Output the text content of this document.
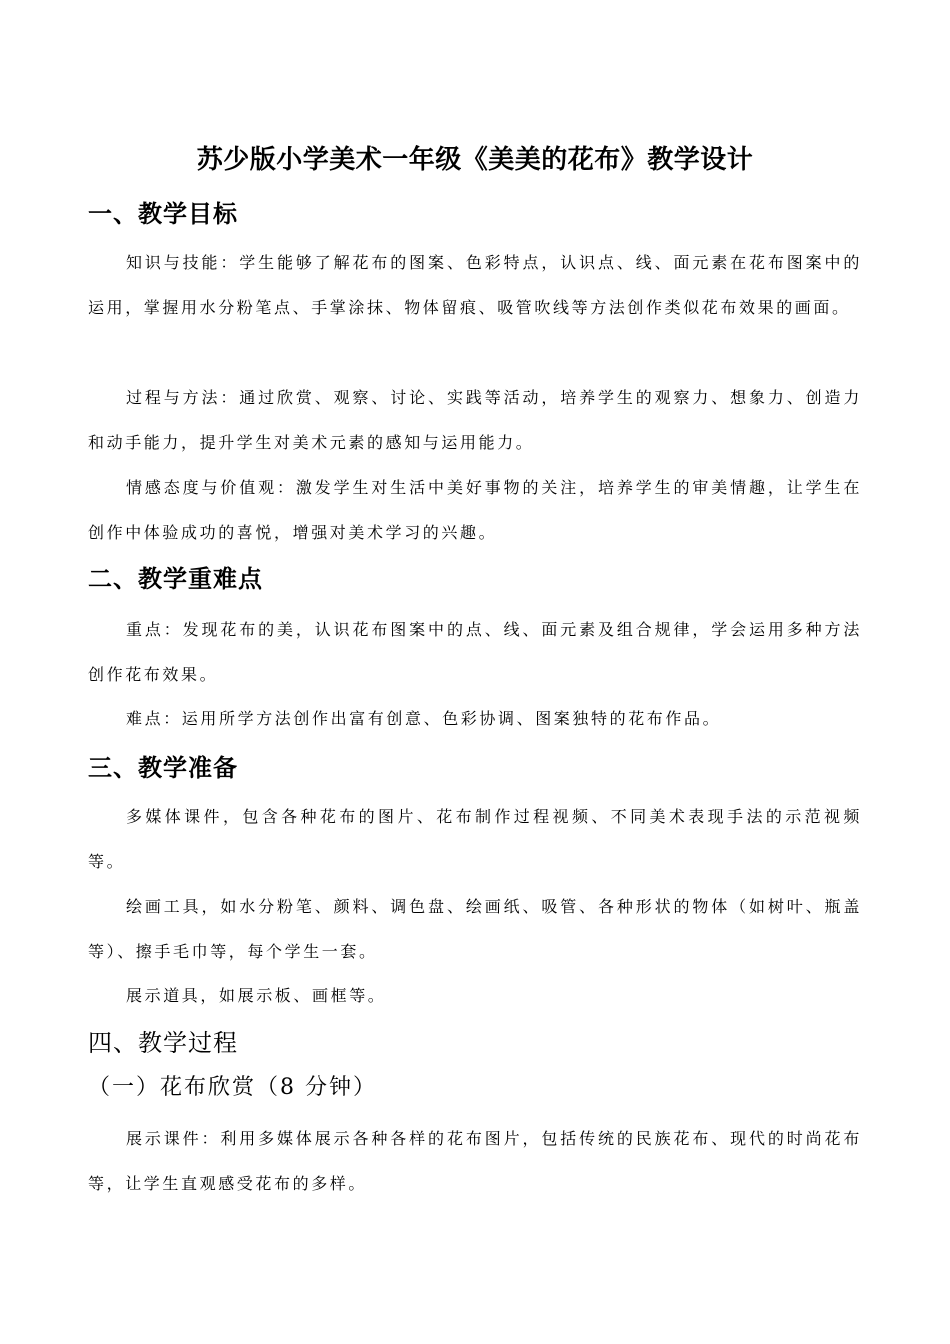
苏少版小学美术一年级《美美的花布》教学设计
一、教学目标
知识与技能：学生能够了解花布的图案、色彩特点，认识点、线、面元素在花布图案中的运用，掌握用水分粉笔点、手掌涂抹、物体留痕、吸管吹线等方法创作类似花布效果的画面。
过程与方法：通过欣赏、观察、讨论、实践等活动，培养学生的观察力、想象力、创造力和动手能力，提升学生对美术元素的感知与运用能力。
情感态度与价值观：激发学生对生活中美好事物的关注，培养学生的审美情趣，让学生在创作中体验成功的喜悦，增强对美术学习的兴趣。
二、教学重难点
重点：发现花布的美，认识花布图案中的点、线、面元素及组合规律，学会运用多种方法创作花布效果。
难点：运用所学方法创作出富有创意、色彩协调、图案独特的花布作品。
三、教学准备
多媒体课件，包含各种花布的图片、花布制作过程视频、不同美术表现手法的示范视频等。
绘画工具，如水分粉笔、颜料、调色盘、绘画纸、吸管、各种形状的物体（如树叶、瓶盖等）、擦手毛巾等，每个学生一套。
展示道具，如展示板、画框等。
四、教学过程
（一）花布欣赏（8 分钟）
展示课件：利用多媒体展示各种各样的花布图片，包括传统的民族花布、现代的时尚花布等，让学生直观感受花布的多样。
